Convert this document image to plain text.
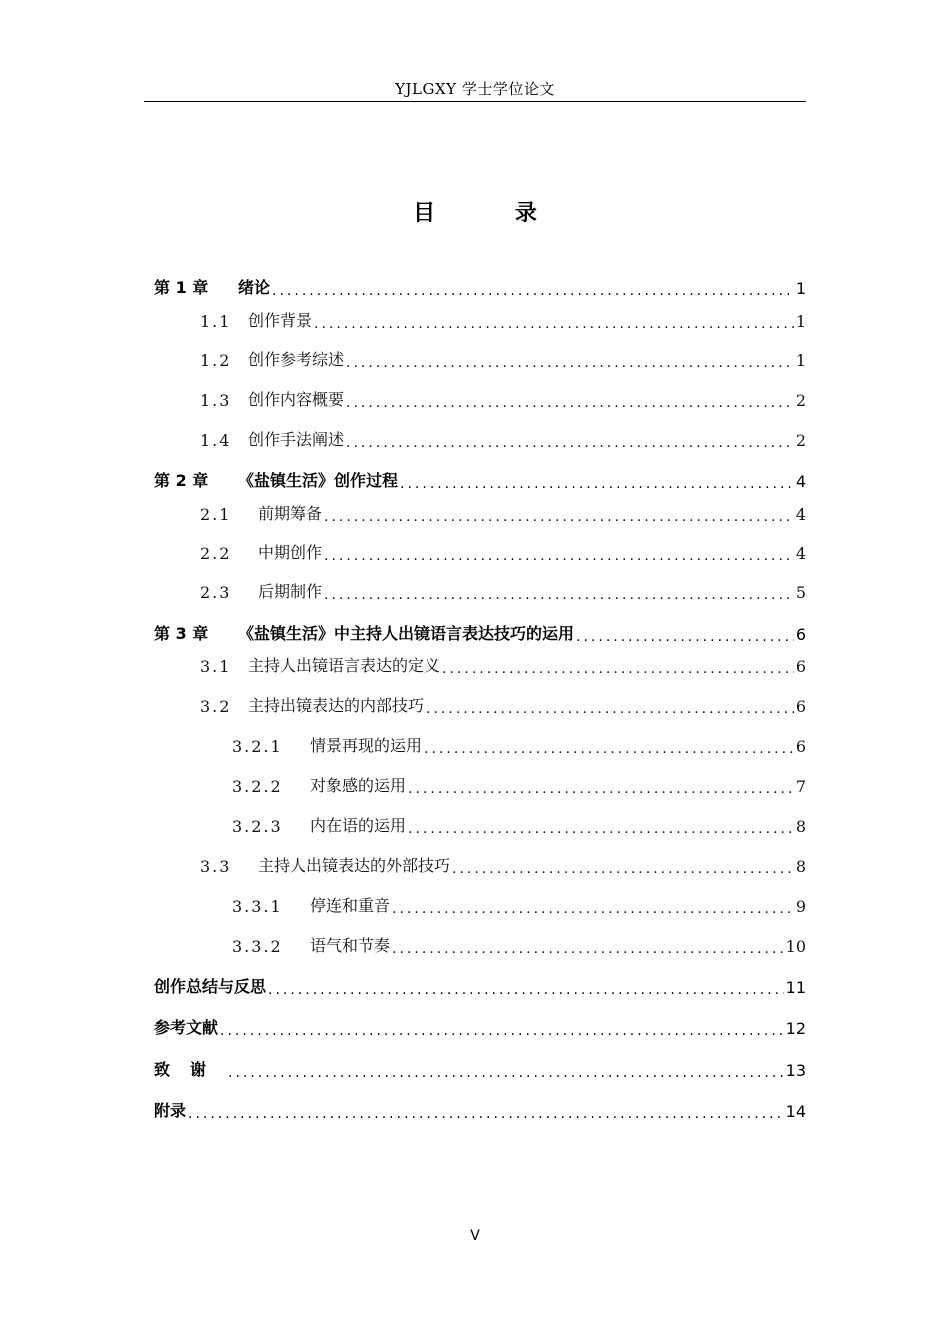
YJLGXY 学士学位论文
目 录
第 1 章	绪论 .....	1
1.1	创作背景 .....	1
1.2	创作参考综述 .....	1
1.3	创作内容概要 .....	2
1.4	创作手法阐述 .....	2
第 2 章	《盐镇生活》创作过程 .....	4
2.1	前期筹备 .....	4
2.2	中期创作 .....	4
2.3	后期制作 .....	5
第 3 章	《盐镇生活》中主持人出镜语言表达技巧的运用 .....	6
3.1	主持人出镜语言表达的定义 .....	6
3.2	主持出镜表达的内部技巧 .....	6
3.2.1	情景再现的运用 .....	6
3.2.2	对象感的运用 .....	7
3.2.3	内在语的运用 .....	8
3.3	主持人出镜表达的外部技巧 .....	8
3.3.1	停连和重音 .....	9
3.3.2	语气和节奏 .....	10
创作总结与反思 .....	11
参考文献 .....	12
致谢 .....	13
附录 .....	14
V
